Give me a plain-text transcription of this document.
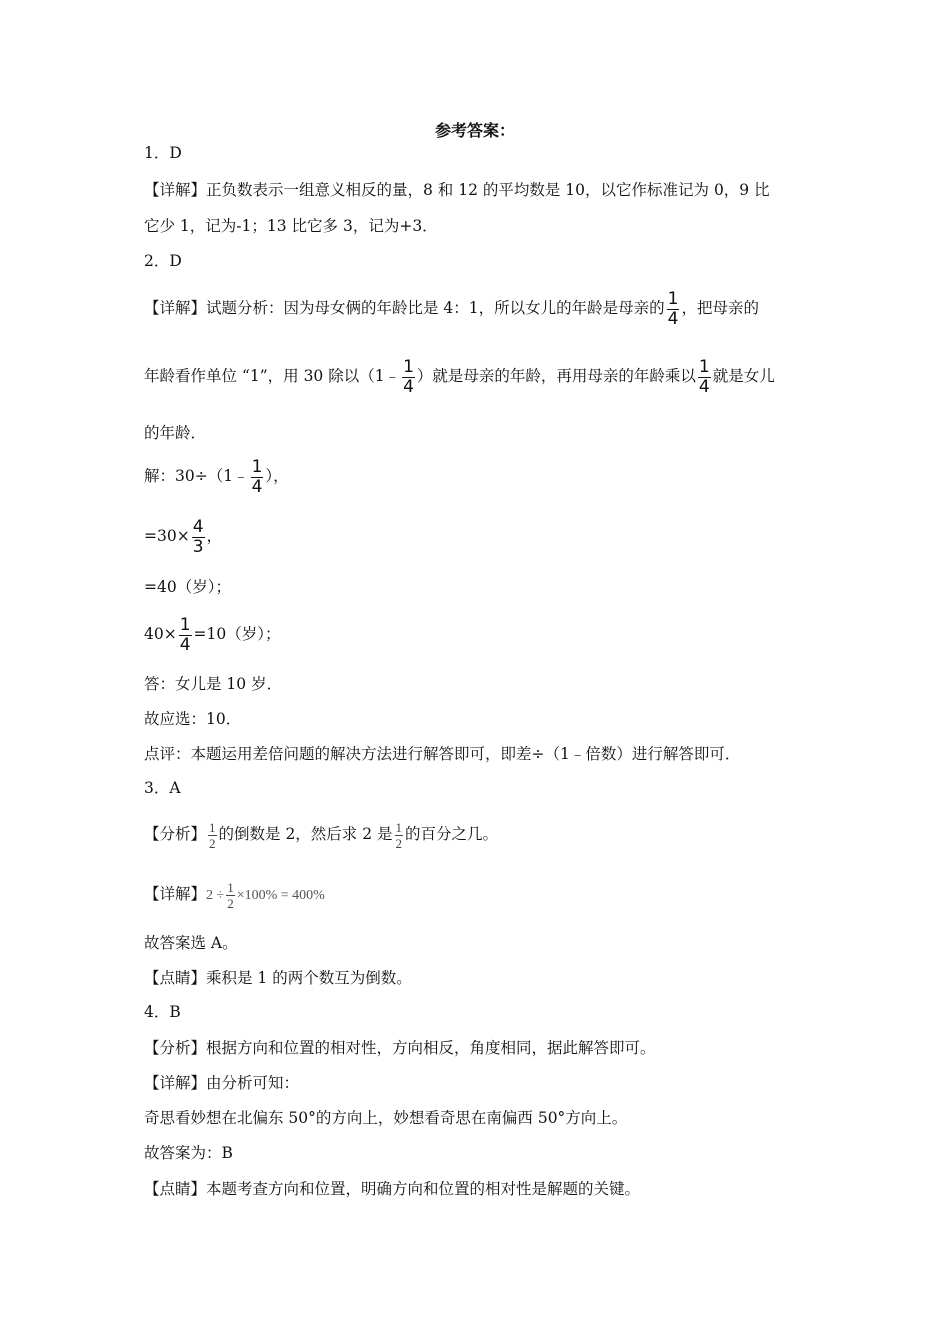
参考答案：
1．D
【详解】正负数表示一组意义相反的量，8 和 12 的平均数是 10，以它作标准记为 0，9 比
它少 1，记为-1；13 比它多 3，记为+3．
2．D
【详解】试题分析：因为母女俩的年龄比是 4：1，所以女儿的年龄是母亲的 $\frac{1}{4}$ ，把母亲的
年龄看作单位 “1”，用 30 除以（1﹣ $\frac{1}{4}$ ）就是母亲的年龄，再用母亲的年龄乘以 $\frac{1}{4}$ 就是女儿
的年龄．
解：30÷（1﹣ $\frac{1}{4}$ ），
$=30\times \frac{4}{3}$ ，
=40（岁）；
$40\times \frac{1}{4} =10$（岁）；
答：女儿是 10 岁．
故应选：10．
点评：本题运用差倍问题的解决方法进行解答即可，即差÷（1﹣倍数）进行解答即可．
3．A
【分析】 $\frac{1}{2}$ 的倒数是 2，然后求 2 是 $\frac{1}{2}$ 的百分之几。
【详解】$2 \div \frac{1}{2} \times 100\% = 400\%$
故答案选 A。
【点睛】乘积是 1 的两个数互为倒数。
4．B
【分析】根据方向和位置的相对性，方向相反，角度相同，据此解答即可。
【详解】由分析可知：
奇思看妙想在北偏东 50°的方向上，妙想看奇思在南偏西 50°方向上。
故答案为：B
【点睛】本题考查方向和位置，明确方向和位置的相对性是解题的关键。
